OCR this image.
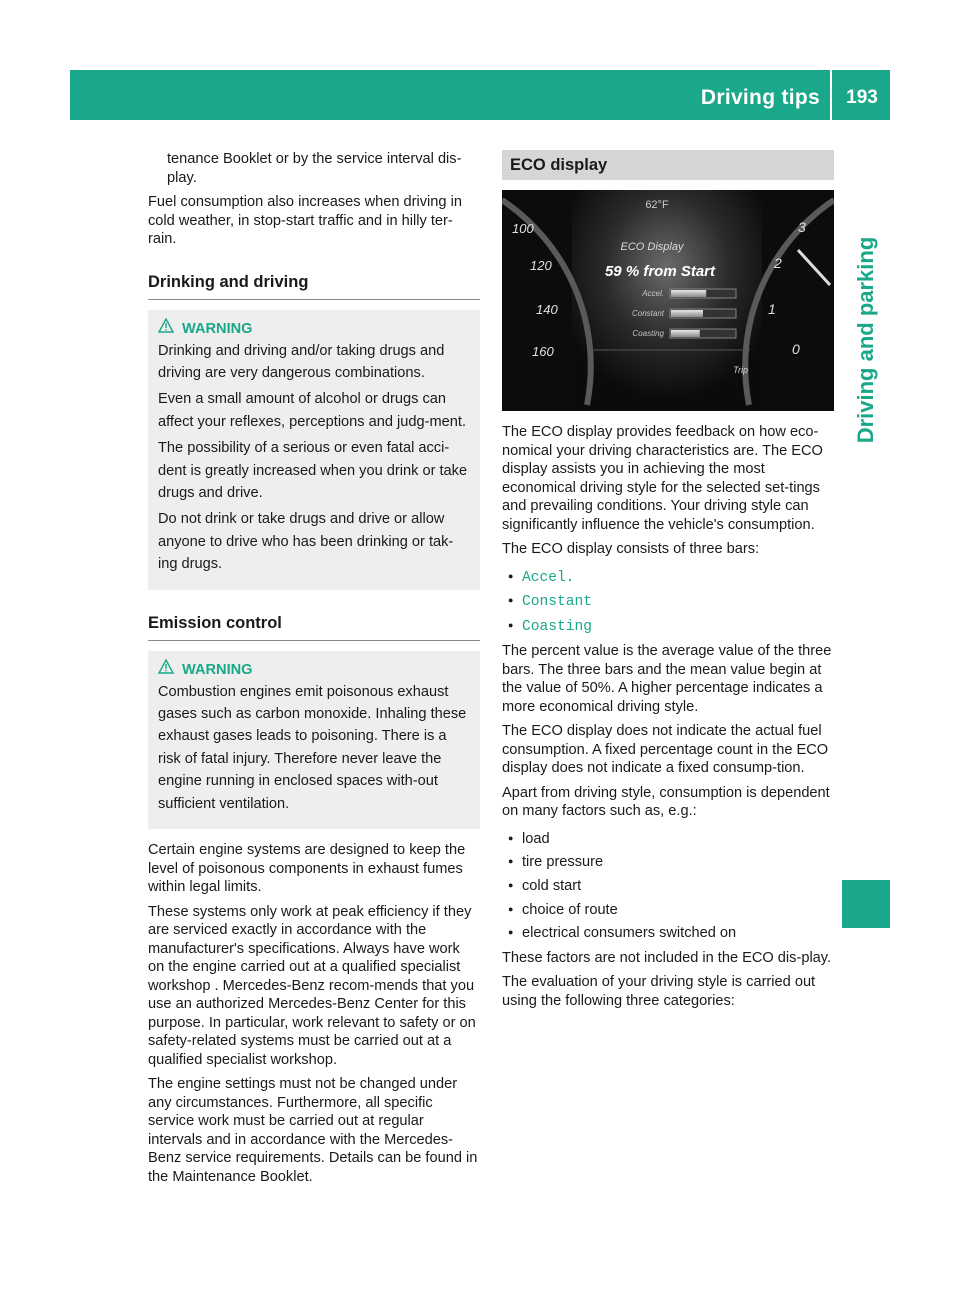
Driving tips	193
Driving and parking

tenance Booklet or by the service interval dis-play.

Fuel consumption also increases when driving in cold weather, in stop-start traffic and in hilly ter-rain.

Drinking and driving
WARNING

Drinking and driving and/or taking drugs and driving are very dangerous combinations.

Even a small amount of alcohol or drugs can affect your reflexes, perceptions and judg-ment.

The possibility of a serious or even fatal acci-dent is greatly increased when you drink or take drugs and drive.

Do not drink or take drugs and drive or allow anyone to drive who has been drinking or tak-ing drugs.

Emission control
WARNING

Combustion engines emit poisonous exhaust gases such as carbon monoxide. Inhaling these exhaust gases leads to poisoning. There is a risk of fatal injury. Therefore never leave the engine running in enclosed spaces with-out sufficient ventilation.

Certain engine systems are designed to keep the level of poisonous components in exhaust fumes within legal limits.

These systems only work at peak efficiency if they are serviced exactly in accordance with the manufacturer's specifications. Always have work on the engine carried out at a qualified specialist workshop . Mercedes-Benz recom-mends that you use an authorized Mercedes-Benz Center for this purpose. In particular, work relevant to safety or on safety-related systems must be carried out at a qualified specialist workshop.

The engine settings must not be changed under any circumstances. Furthermore, all specific service work must be carried out at regular intervals and in accordance with the Mercedes-Benz service requirements. Details can be found in the Maintenance Booklet.

ECO display
100
120
140
160
3
2
1
0
62°F
ECO Display
59 % from Start
Accel.
Constant
Coasting
Trip

The ECO display provides feedback on how eco-nomical your driving characteristics are. The ECO display assists you in achieving the most economical driving style for the selected set-tings and prevailing conditions. Your driving style can significantly influence the vehicle's consumption.

The ECO display consists of three bars:

● Accel.
● Constant
● Coasting

The percent value is the average value of the three bars. The three bars and the mean value begin at the value of 50%. A higher percentage indicates a more economical driving style.

The ECO display does not indicate the actual fuel consumption. A fixed percentage count in the ECO display does not indicate a fixed consump-tion.

Apart from driving style, consumption is dependent on many factors such as, e.g.:

● load
● tire pressure
● cold start
● choice of route
● electrical consumers switched on

These factors are not included in the ECO dis-play.

The evaluation of your driving style is carried out using the following three categories:
